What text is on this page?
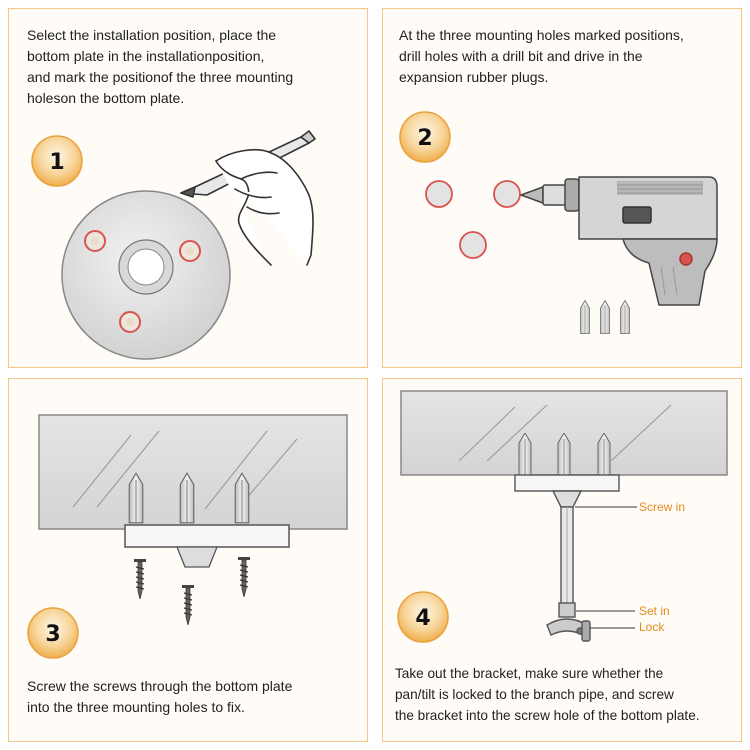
Select the installation position, place the
bottom plate in the installationposition,
and mark the positionof the three mounting
holeson the bottom plate.

1

At the three mounting holes marked positions,
drill holes with a drill bit and drive in the
expansion rubber plugs.

2
3

Screw the screws through the bottom plate
into the three mounting holes to fix.

Screw in
Set in
Lock
4

Take out the bracket, make sure whether the
pan/tilt is locked to the branch pipe, and screw
the bracket into the screw hole of the bottom plate.
